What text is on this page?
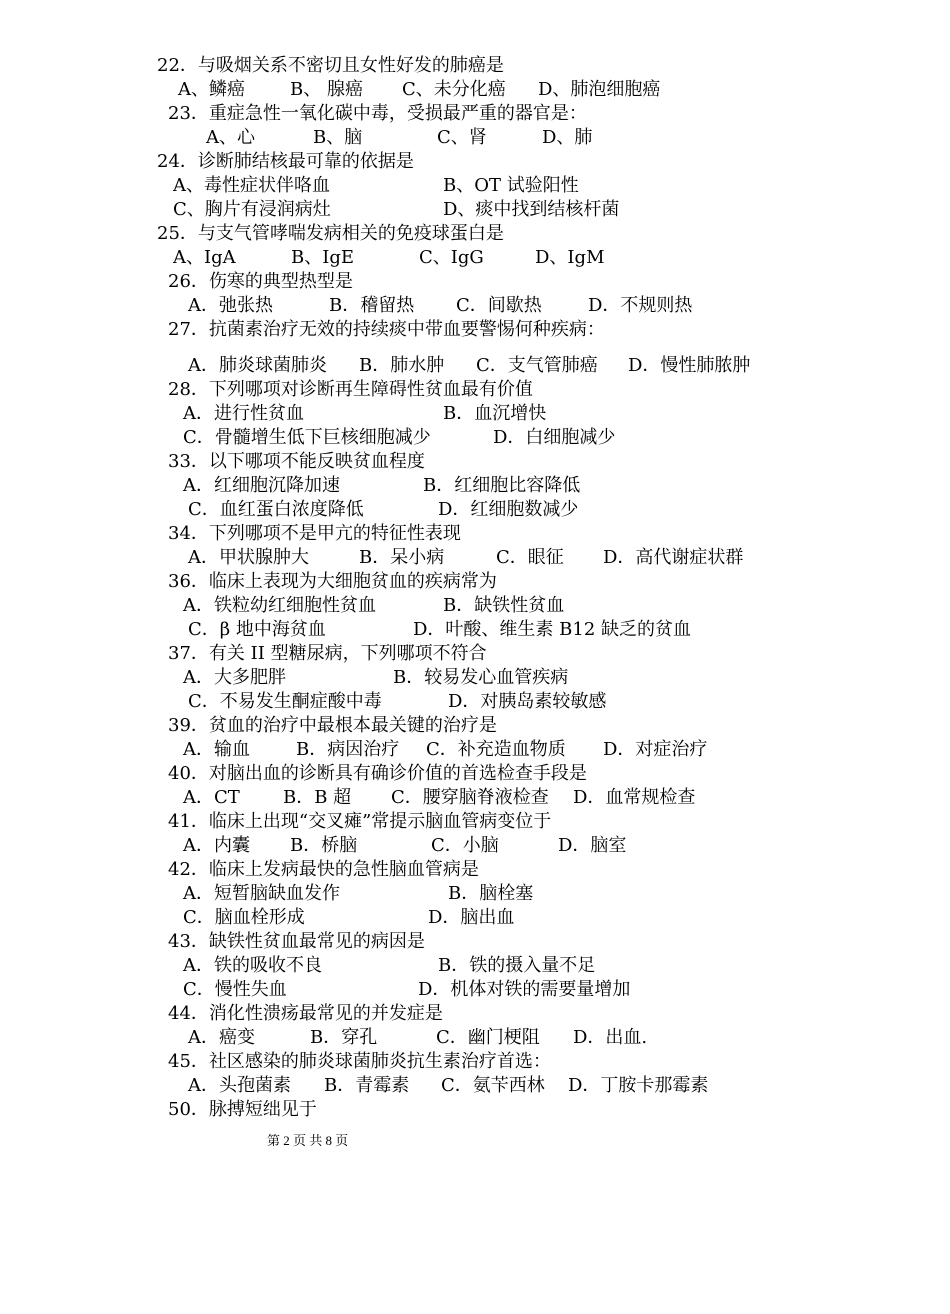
22．与吸烟关系不密切且女性好发的肺癌是
A、鳞癌	B、 腺癌 C、未分化癌 D、肺泡细胞癌
23．重症急性一氧化碳中毒，受损最严重的器官是：
A、心	B、脑	C、肾	D、肺
24．诊断肺结核最可靠的依据是
A、毒性症状伴咯血	B、OT 试验阳性
C、胸片有浸润病灶	D、痰中找到结核杆菌
25．与支气管哮喘发病相关的免疫球蛋白是
A、IgA	B、IgE	C、IgG	D、IgM
26．伤寒的典型热型是
A．弛张热	B．稽留热 C．间歇热	D．不规则热
27．抗菌素治疗无效的持续痰中带血要警惕何种疾病：
A．肺炎球菌肺炎 B．肺水肿 C．支气管肺癌 D．慢性肺脓肿
28．下列哪项对诊断再生障碍性贫血最有价值
A．进行性贫血	B．血沉增快
C．骨髓增生低下巨核细胞减少	D．白细胞减少
33．以下哪项不能反映贫血程度
A．红细胞沉降加速	B．红细胞比容降低
C．血红蛋白浓度降低	D．红细胞数减少
34．下列哪项不是甲亢的特征性表现
A．甲状腺肿大	B．呆小病	C．眼征 D．高代谢症状群
36．临床上表现为大细胞贫血的疾病常为
A．铁粒幼红细胞性贫血	B．缺铁性贫血
C．β 地中海贫血	D．叶酸、维生素 B12 缺乏的贫血
37．有关 II 型糖尿病，下列哪项不符合
A．大多肥胖	B．较易发心血管疾病
C．不易发生酮症酸中毒	D．对胰岛素较敏感
39．贫血的治疗中最根本最关键的治疗是
A．输血	B．病因治疗 C．补充造血物质 D．对症治疗
40．对脑出血的诊断具有确诊价值的首选检查手段是
A．CT B．B 超 C．腰穿脑脊液检查 D．血常规检查
41．临床上出现“交叉瘫”常提示脑血管病变位于
A．内囊 B．桥脑	C．小脑	D．脑室
42．临床上发病最快的急性脑血管病是
A．短暂脑缺血发作	B．脑栓塞
C．脑血栓形成	D．脑出血
43．缺铁性贫血最常见的病因是
A．铁的吸收不良	B．铁的摄入量不足
C．慢性失血	D．机体对铁的需要量增加
44．消化性溃疡最常见的并发症是
A．癌变	B．穿孔	C．幽门梗阻 D．出血.
45．社区感染的肺炎球菌肺炎抗生素治疗首选：
A．头孢菌素 B．青霉素 C．氨苄西林 D．丁胺卡那霉素
50．脉搏短绌见于
第 2 页 共 8 页
